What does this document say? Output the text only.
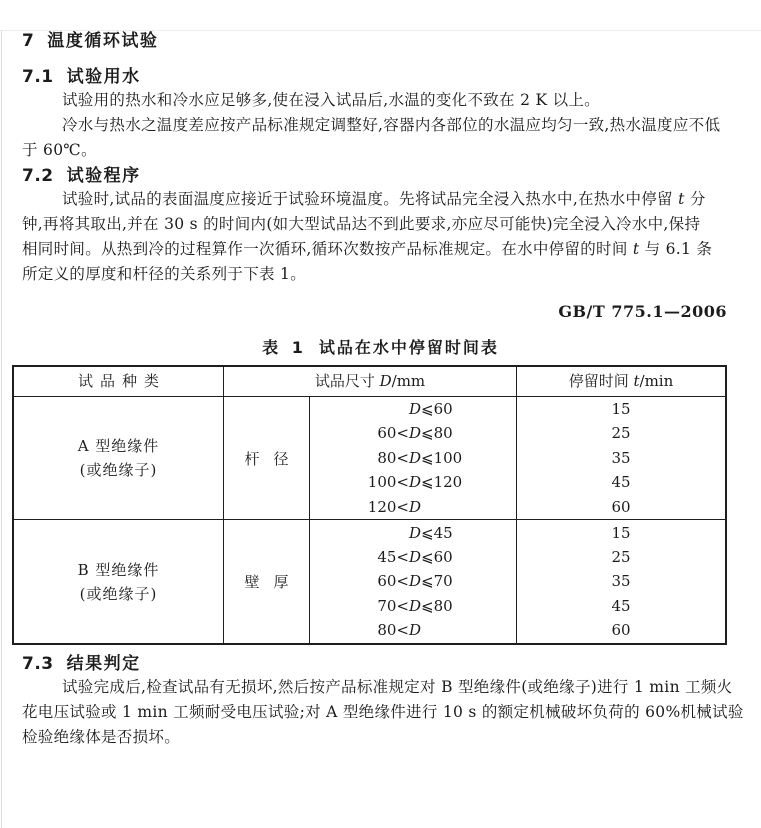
7 温度循环试验
7.1 试验用水
试验用的热水和冷水应足够多,使在浸入试品后,水温的变化不致在 2 K 以上。
冷水与热水之温度差应按产品标准规定调整好,容器内各部位的水温应均匀一致,热水温度应不低
于 60℃。
7.2 试验程序
试验时,试品的表面温度应接近于试验环境温度。先将试品完全浸入热水中,在热水中停留 t 分
钟,再将其取出,并在 30 s 的时间内(如大型试品达不到此要求,亦应尽可能快)完全浸入冷水中,保持
相同时间。从热到冷的过程算作一次循环,循环次数按产品标准规定。在水中停留的时间 t 与 6.1 条
所定义的厚度和杆径的关系列于下表 1。
GB/T 775.1—2006
表 1 试品在水中停留时间表
试品种类	试品尺寸 D/mm	停留时间 t/min
A 型绝缘件
(或绝缘子)
杆径
D⩽60
60<D⩽80
80<D⩽100
100<D⩽120
120<D
15
25
35
45
60
B 型绝缘件
(或绝缘子)
壁厚
D⩽45
45<D⩽60
60<D⩽70
70<D⩽80
80<D
15
25
35
45
60
7.3 结果判定
试验完成后,检查试品有无损坏,然后按产品标准规定对 B 型绝缘件(或绝缘子)进行 1 min 工频火
花电压试验或 1 min 工频耐受电压试验;对 A 型绝缘件进行 10 s 的额定机械破坏负荷的 60%机械试验
检验绝缘体是否损坏。
